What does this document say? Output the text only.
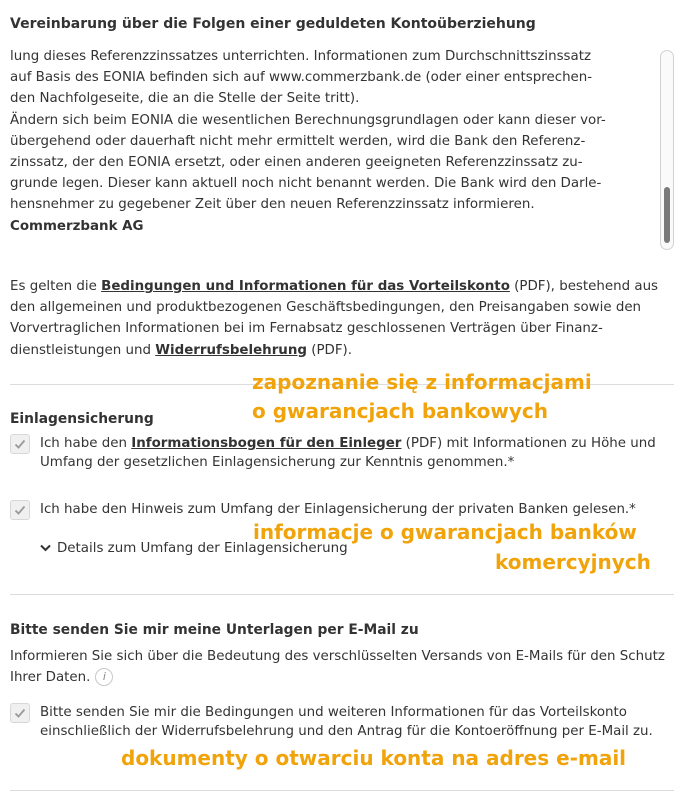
Vereinbarung über die Folgen einer geduldeten Kontoüberziehung

lung dieses Referenzzinssatzes unterrichten. Informationen zum Durchschnittszinssatz

auf Basis des EONIA befinden sich auf www.commerzbank.de (oder einer entsprechen-

den Nachfolgeseite, die an die Stelle der Seite tritt).

Ändern sich beim EONIA die wesentlichen Berechnungsgrundlagen oder kann dieser vor-

übergehend oder dauerhaft nicht mehr ermittelt werden, wird die Bank den Referenz-

zinssatz, der den EONIA ersetzt, oder einen anderen geeigneten Referenzzinssatz zu-

grunde legen. Dieser kann aktuell noch nicht benannt werden. Die Bank wird den Darle-

hensnehmer zu gegebener Zeit über den neuen Referenzzinssatz informieren.

Commerzbank AG

Es gelten die Bedingungen und Informationen für das Vorteilskonto (PDF), bestehend aus den allgemeinen und produktbezogenen Geschäftsbedingungen, den Preisangaben sowie den Vorvertraglichen Informationen bei im Fernabsatz geschlossenen Verträgen über Finanzdienstleistungen und Widerrufsbelehrung (PDF).

Einlagensicherung

Ich habe den Informationsbogen für den Einleger (PDF) mit Informationen zu Höhe und Umfang der gesetzlichen Einlagensicherung zur Kenntnis genommen.*

Ich habe den Hinweis zum Umfang der Einlagensicherung der privaten Banken gelesen.*

Details zum Umfang der Einlagensicherung
Bitte senden Sie mir meine Unterlagen per E-Mail zu

Informieren Sie sich über die Bedeutung des verschlüsselten Versands von E-Mails für den Schutz Ihrer Daten. i

Bitte senden Sie mir die Bedingungen und weiteren Informationen für das Vorteilskonto einschließlich der Widerrufsbelehrung und den Antrag für die Kontoeröffnung per E-Mail zu.

zapoznanie się z informacjami
o gwarancjach bankowych
informacje o gwarancjach banków
komercyjnych
dokumenty o otwarciu konta na adres e-mail
